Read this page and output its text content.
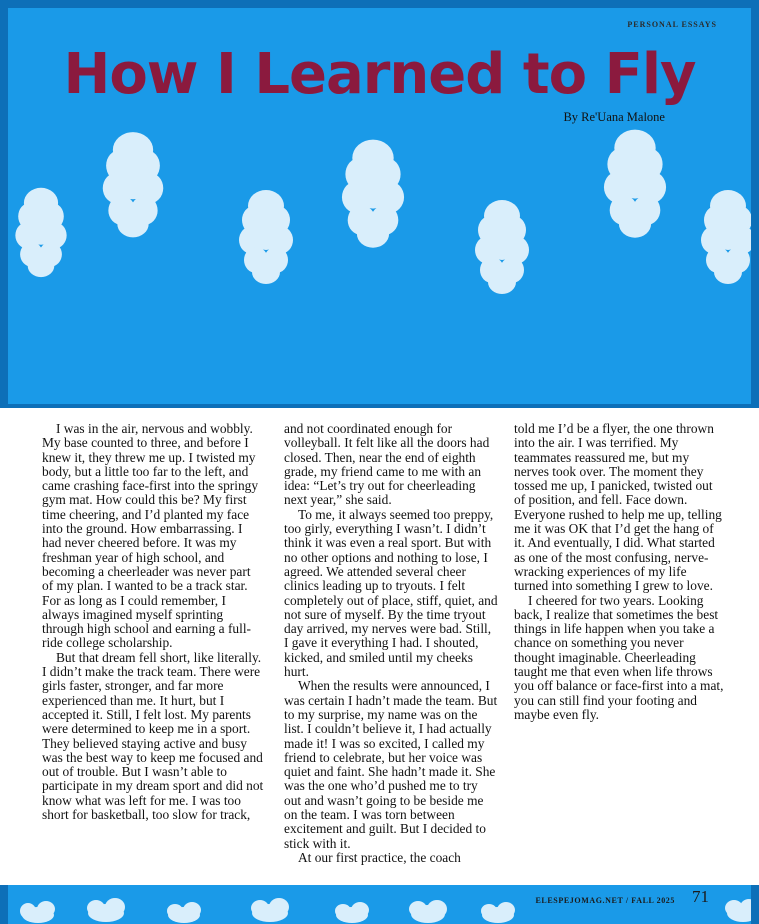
PERSONAL ESSAYS
How I Learned to Fly
By Re'Uana Malone

I was in the air, nervous and wobbly. My base counted to three, and before I knew it, they threw me up. I twisted my body, but a little too far to the left, and came crashing face-first into the springy gym mat. How could this be? My first time cheering, and I’d planted my face into the ground. How embarrassing. I had never cheered before. It was my freshman year of high school, and becoming a cheerleader was never part of my plan. I wanted to be a track star. For as long as I could remember, I always imagined myself sprinting through high school and earning a full-ride college scholarship.

But that dream fell short, like literally. I didn’t make the track team. There were girls faster, stronger, and far more experienced than me. It hurt, but I accepted it. Still, I felt lost. My parents were determined to keep me in a sport. They believed staying active and busy was the best way to keep me focused and out of trouble. But I wasn’t able to participate in my dream sport and did not know what was left for me. I was too short for basketball, too slow for track,

and not coordinated enough for volleyball. It felt like all the doors had closed. Then, near the end of eighth grade, my friend came to me with an idea: “Let’s try out for cheerleading next year,” she said.

To me, it always seemed too preppy, too girly, everything I wasn’t. I didn’t think it was even a real sport. But with no other options and nothing to lose, I agreed. We attended several cheer clinics leading up to tryouts. I felt completely out of place, stiff, quiet, and not sure of myself. By the time tryout day arrived, my nerves were bad. Still, I gave it everything I had. I shouted, kicked, and smiled until my cheeks hurt.

When the results were announced, I was certain I hadn’t made the team. But to my surprise, my name was on the list. I couldn’t believe it, I had actually made it! I was so excited, I called my friend to celebrate, but her voice was quiet and faint. She hadn’t made it. She was the one who’d pushed me to try out and wasn’t going to be beside me on the team. I was torn between excitement and guilt. But I decided to stick with it.

At our first practice, the coach

told me I’d be a flyer, the one thrown into the air. I was terrified. My teammates reassured me, but my nerves took over. The moment they tossed me up, I panicked, twisted out of position, and fell. Face down. Everyone rushed to help me up, telling me it was OK that I’d get the hang of it. And eventually, I did. What started as one of the most confusing, nerve-wracking experiences of my life turned into something I grew to love.

I cheered for two years. Looking back, I realize that sometimes the best things in life happen when you take a chance on something you never thought imaginable. Cheerleading taught me that even when life throws you off balance or face-first into a mat, you can still find your footing and maybe even fly.

ELESPEJOMAG.NET / FALL 2025 71
